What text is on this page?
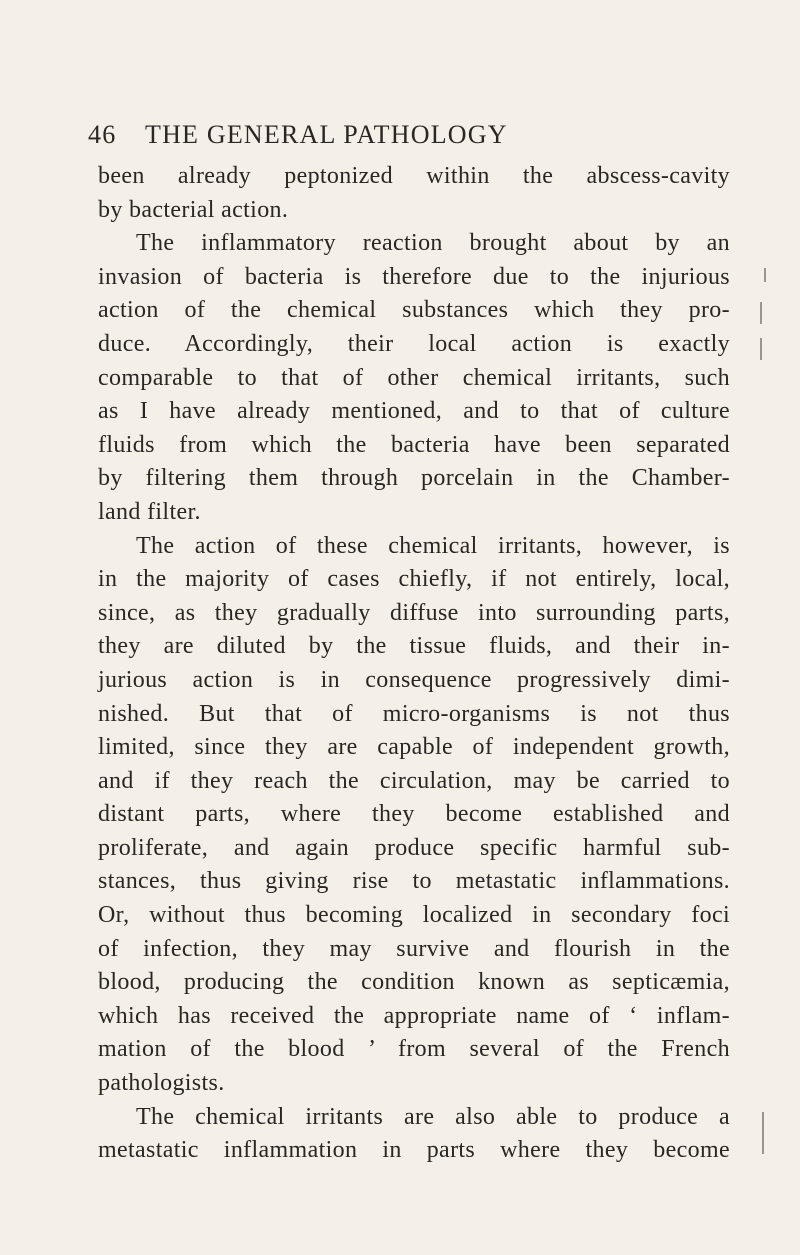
46 THE GENERAL PATHOLOGY
been already peptonized within the abscess-cavity
by bacterial action.
The inflammatory reaction brought about by an
invasion of bacteria is therefore due to the injurious
action of the chemical substances which they pro-
duce. Accordingly, their local action is exactly
comparable to that of other chemical irritants, such
as I have already mentioned, and to that of culture
fluids from which the bacteria have been separated
by filtering them through porcelain in the Chamber-
land filter.
The action of these chemical irritants, however, is
in the majority of cases chiefly, if not entirely, local,
since, as they gradually diffuse into surrounding parts,
they are diluted by the tissue fluids, and their in-
jurious action is in consequence progressively dimi-
nished. But that of micro-organisms is not thus
limited, since they are capable of independent growth,
and if they reach the circulation, may be carried to
distant parts, where they become established and
proliferate, and again produce specific harmful sub-
stances, thus giving rise to metastatic inflammations.
Or, without thus becoming localized in secondary foci
of infection, they may survive and flourish in the
blood, producing the condition known as septicæmia,
which has received the appropriate name of ‘ inflam-
mation of the blood ’ from several of the French
pathologists.
The chemical irritants are also able to produce a
metastatic inflammation in parts where they become
